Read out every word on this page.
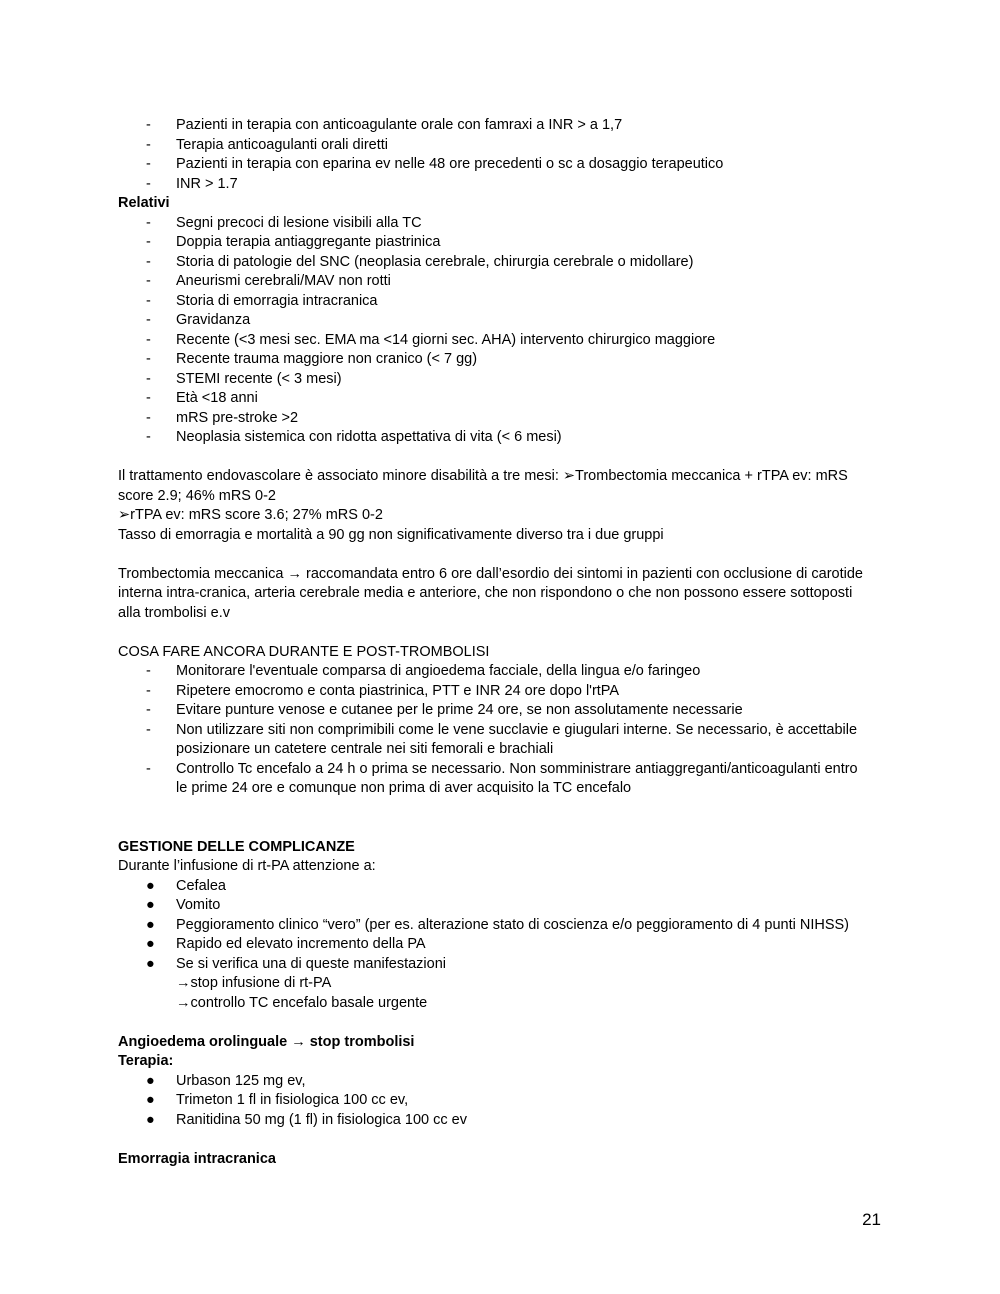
-	Pazienti in terapia con anticoagulante orale con famraxi a INR > a 1,7
-	Terapia anticoagulanti orali diretti
-	Pazienti in terapia con eparina ev nelle 48 ore precedenti o sc a dosaggio terapeutico
-	INR > 1.7
Relativi
-	Segni precoci di lesione visibili alla TC
-	Doppia terapia antiaggregante piastrinica
-	Storia di patologie del SNC (neoplasia cerebrale, chirurgia cerebrale o midollare)
-	Aneurismi cerebrali/MAV non rotti
-	Storia di emorragia intracranica
-	Gravidanza
-	Recente (<3 mesi sec. EMA ma <14 giorni sec. AHA) intervento chirurgico maggiore
-	Recente trauma maggiore non cranico (< 7 gg)
-	STEMI recente (< 3 mesi)
-	Età <18 anni
-	mRS pre-stroke >2
-	Neoplasia sistemica con ridotta aspettativa di vita (< 6 mesi)
Il trattamento endovascolare è associato minore disabilità a tre mesi: ➢Trombectomia meccanica + rTPA ev: mRS
score 2.9; 46% mRS 0-2
➢rTPA ev: mRS score 3.6; 27% mRS 0-2
Tasso di emorragia e mortalità a 90 gg non significativamente diverso tra i due gruppi
Trombectomia meccanica → raccomandata entro 6 ore dall’esordio dei sintomi in pazienti con occlusione di carotide
interna intra-cranica, arteria cerebrale media e anteriore, che non rispondono o che non possono essere sottoposti
alla trombolisi e.v
COSA FARE ANCORA DURANTE E POST-TROMBOLISI
-	Monitorare l'eventuale comparsa di angioedema facciale, della lingua e/o faringeo
-	Ripetere emocromo e conta piastrinica, PTT e INR 24 ore dopo l'rtPA
-	Evitare punture venose e cutanee per le prime 24 ore, se non assolutamente necessarie
-	Non utilizzare siti non comprimibili come le vene succlavie e giugulari interne. Se necessario, è accettabile
posizionare un catetere centrale nei siti femorali e brachiali
-	Controllo Tc encefalo a 24 h o prima se necessario. Non somministrare antiaggreganti/anticoagulanti entro
le prime 24 ore e comunque non prima di aver acquisito la TC encefalo
GESTIONE DELLE COMPLICANZE
Durante l’infusione di rt-PA attenzione a:
●	Cefalea
●	Vomito
●	Peggioramento clinico “vero” (per es. alterazione stato di coscienza e/o peggioramento di 4 punti NIHSS)
●	Rapido ed elevato incremento della PA
●	Se si verifica una di queste manifestazioni
→stop infusione di rt-PA
→controllo TC encefalo basale urgente
Angioedema orolinguale → stop trombolisi
Terapia:
●	Urbason 125 mg ev,
●	Trimeton 1 fl in fisiologica 100 cc ev,
●	Ranitidina 50 mg (1 fl) in fisiologica 100 cc ev
Emorragia intracranica
21
